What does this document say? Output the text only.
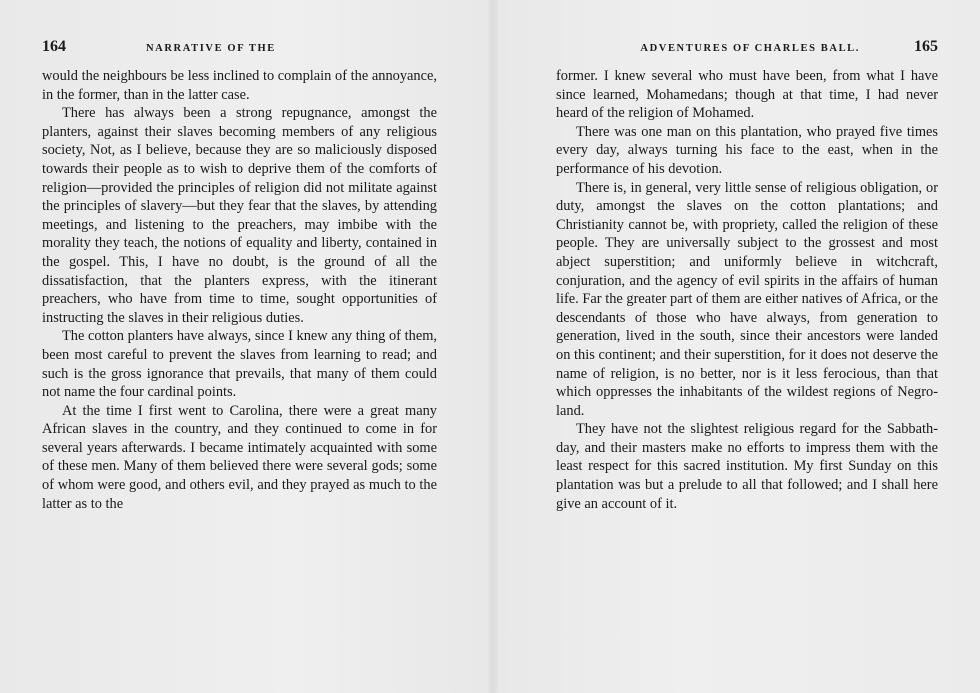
164	NARRATIVE OF THE

would the neighbours be less inclined to complain of the annoyance, in the former, than in the latter case.

There has always been a strong repugnance, amongst the planters, against their slaves becoming members of any religious society, Not, as I believe, because they are so maliciously disposed towards their people as to wish to deprive them of the comforts of religion—provided the principles of religion did not militate against the principles of slavery—but they fear that the slaves, by attending meetings, and listening to the preachers, may imbibe with the morality they teach, the notions of equality and liberty, contained in the gospel. This, I have no doubt, is the ground of all the dissatisfaction, that the planters express, with the itinerant preachers, who have from time to time, sought opportunities of instructing the slaves in their religious duties.

The cotton planters have always, since I knew any thing of them, been most careful to prevent the slaves from learning to read; and such is the gross ignorance that prevails, that many of them could not name the four cardinal points.

At the time I first went to Carolina, there were a great many African slaves in the country, and they continued to come in for several years afterwards. I became intimately acquainted with some of these men. Many of them believed there were several gods; some of whom were good, and others evil, and they prayed as much to the latter as to the

ADVENTURES OF CHARLES BALL.	165

former. I knew several who must have been, from what I have since learned, Mohamedans; though at that time, I had never heard of the religion of Mohamed.

There was one man on this plantation, who prayed five times every day, always turning his face to the east, when in the performance of his devotion.

There is, in general, very little sense of religious obligation, or duty, amongst the slaves on the cotton plantations; and Christianity cannot be, with propriety, called the religion of these people. They are universally subject to the grossest and most abject superstition; and uniformly believe in witchcraft, conjuration, and the agency of evil spirits in the affairs of human life. Far the greater part of them are either natives of Africa, or the descendants of those who have always, from generation to generation, lived in the south, since their ancestors were landed on this continent; and their superstition, for it does not deserve the name of religion, is no better, nor is it less ferocious, than that which oppresses the inhabitants of the wildest regions of Negro-land.

They have not the slightest religious regard for the Sabbath-day, and their masters make no efforts to impress them with the least respect for this sacred institution. My first Sunday on this plantation was but a prelude to all that followed; and I shall here give an account of it.
